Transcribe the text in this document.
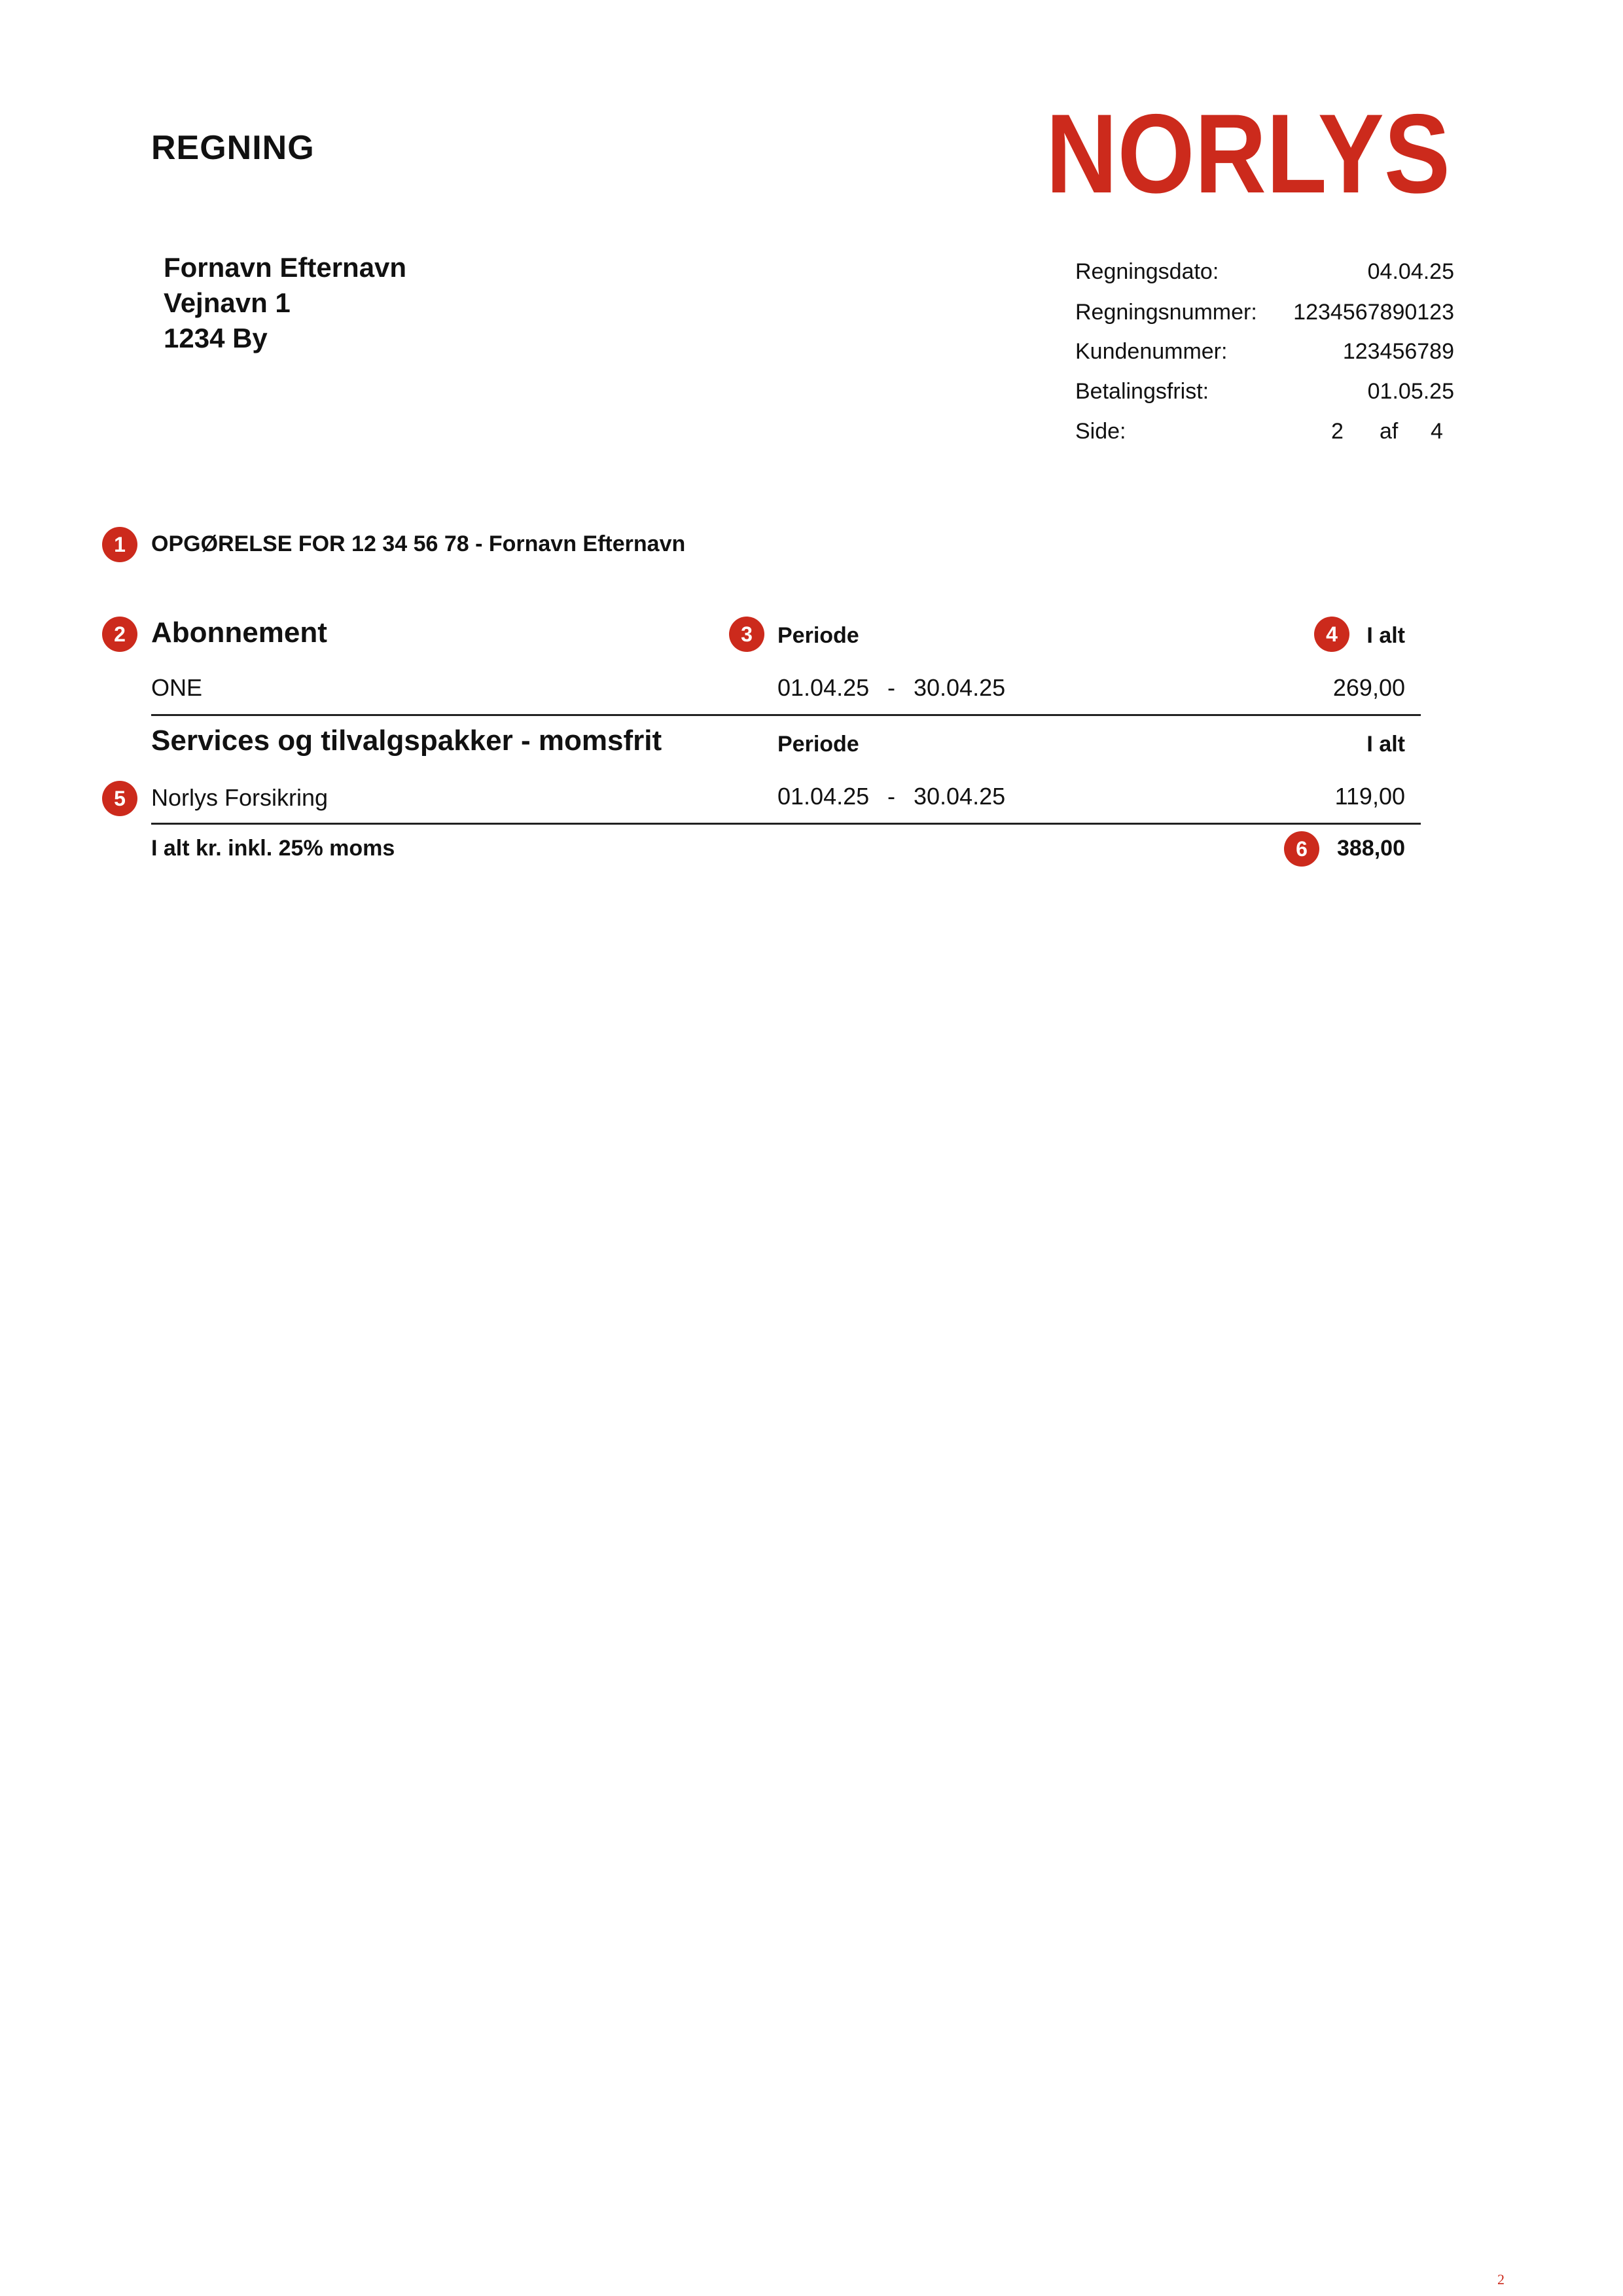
REGNING	NORLYS
Fornavn Efternavn
Vejnavn 1
1234 By
Regningsdato:	04.04.25
Regningsnummer: 1234567890123
Kundenummer:	123456789
Betalingsfrist:	01.05.25
Side:	2 af 4
1	OPGØRELSE FOR 12 34 56 78 - Fornavn Efternavn
2 Abonnement	3	Periode	4	I alt
ONE	01.04.25 - 30.04.25	269,00
Services og tilvalgspakker - momsfrit	Periode	I alt
5	Norlys Forsikring	01.04.25 - 30.04.25	119,00
I alt kr. inkl. 25% moms	6	388,00
2
